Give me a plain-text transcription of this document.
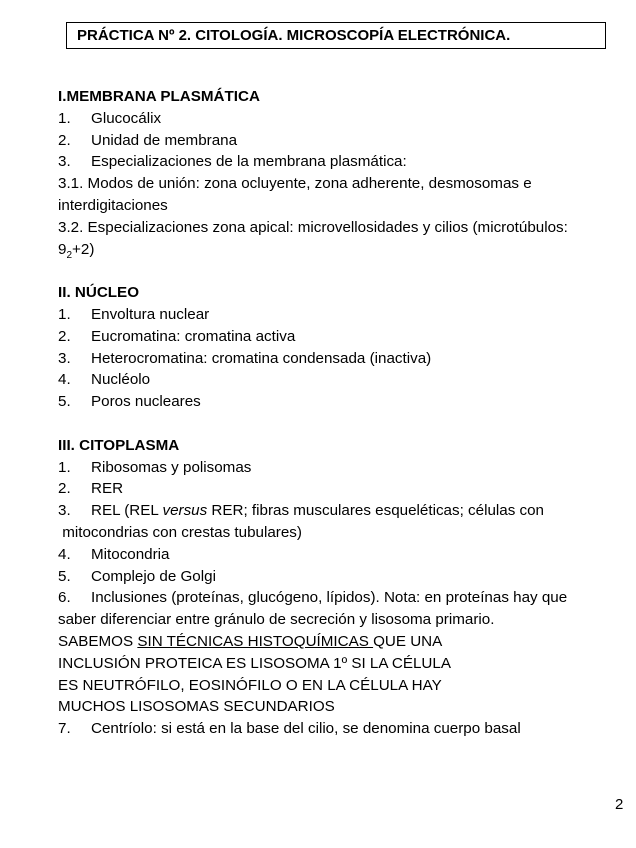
PRÁCTICA Nº 2. CITOLOGÍA. MICROSCOPÍA ELECTRÓNICA.

I.MEMBRANA PLASMÁTICA

1. Glucocálix

2. Unidad de membrana

3. Especializaciones de la membrana plasmática:

3.1. Modos de unión: zona ocluyente, zona adherente, desmosomas e

interdigitaciones

3.2. Especializaciones zona apical: microvellosidades y cilios (microtúbulos:

$9_2+2$)

II. NÚCLEO

1. Envoltura nuclear

2. Eucromatina: cromatina activa

3. Heterocromatina: cromatina condensada (inactiva)

4. Nucléolo

5. Poros nucleares

III. CITOPLASMA

1. Ribosomas y polisomas

2. RER

3. REL (REL versus RER; fibras musculares esqueléticas; células con

mitocondrias con crestas tubulares)

4. Mitocondria

5. Complejo de Golgi

6. Inclusiones (proteínas, glucógeno, lípidos). Nota: en proteínas hay que

saber diferenciar entre gránulo de secreción y lisosoma primario.

SABEMOS SIN TÉCNICAS HISTOQUÍMICAS QUE UNA

INCLUSIÓN PROTEICA ES LISOSOMA 1º SI LA CÉLULA

ES NEUTRÓFILO, EOSINÓFILO O EN LA CÉLULA HAY

MUCHOS LISOSOMAS SECUNDARIOS

7. Centríolo: si está en la base del cilio, se denomina cuerpo basal

2
